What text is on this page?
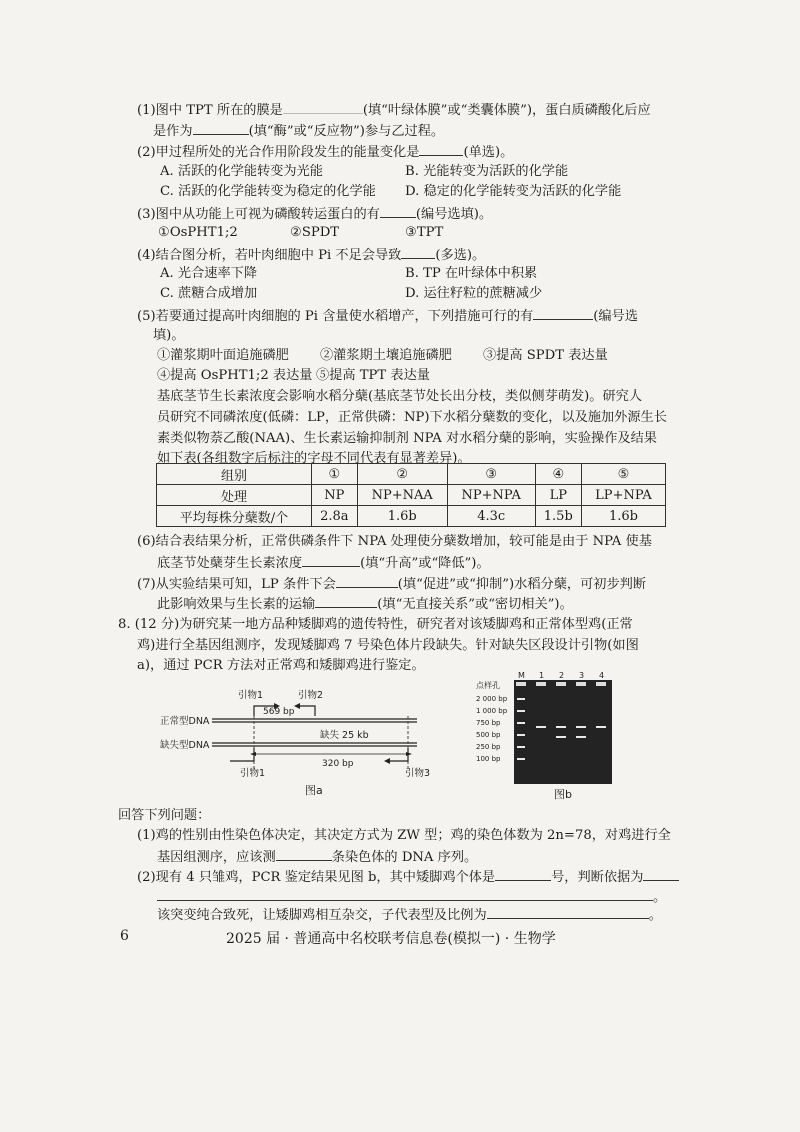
(1)图中 TPT 所在的膜是	(填“叶绿体膜”或“类囊体膜”)，蛋白质磷酸化后应
是作为	(填“酶”或“反应物”)参与乙过程。
(2)甲过程所处的光合作用阶段发生的能量变化是	(单选)。
A. 活跃的化学能转变为光能	B. 光能转变为活跃的化学能
C. 活跃的化学能转变为稳定的化学能 D. 稳定的化学能转变为活跃的化学能
(3)图中从功能上可视为磷酸转运蛋白的有	(编号选填)。
①OsPHT1;2	②SPDT	③TPT
(4)结合图分析，若叶肉细胞中 Pi 不足会导致	(多选)。
A. 光合速率下降	B. TP 在叶绿体中积累
C. 蔗糖合成增加	D. 运往籽粒的蔗糖减少
(5)若要通过提高叶肉细胞的 Pi 含量使水稻增产，下列措施可行的有	(编号选
填)。
①灌浆期叶面追施磷肥 ②灌浆期土壤追施磷肥 ③提高 SPDT 表达量
④提高 OsPHT1;2 表达量 ⑤提高 TPT 表达量
基底茎节生长素浓度会影响水稻分蘖(基底茎节处长出分枝，类似侧芽萌发)。研究人
员研究不同磷浓度(低磷：LP，正常供磷：NP)下水稻分蘖数的变化，以及施加外源生长
素类似物萘乙酸(NAA)、生长素运输抑制剂 NPA 对水稻分蘖的影响，实验操作及结果
如下表(各组数字后标注的字母不同代表有显著差异)。
组别	①	②	③	④	⑤
处理	NP	NP+NAA	NP+NPA	LP	LP+NPA
平均每株分蘖数/个	2.8a	1.6b	4.3c	1.5b	1.6b
(6)结合表结果分析，正常供磷条件下 NPA 处理使分蘖数增加，较可能是由于 NPA 使基
底茎节处蘖芽生长素浓度	(填“升高”或“降低”)。
(7)从实验结果可知，LP 条件下会	(填“促进”或“抑制”)水稻分蘖，可初步判断
此影响效果与生长素的运输	(填“无直接关系”或“密切相关”)。
8. (12 分)为研究某一地方品种矮脚鸡的遗传特性，研究者对该矮脚鸡和正常体型鸡(正常
鸡)进行全基因组测序，发现矮脚鸡 7 号染色体片段缺失。针对缺失区段设计引物(如图
a)，通过 PCR 方法对正常鸡和矮脚鸡进行鉴定。
正常型DNA
缺失型DNA
引物1	引物2
569 bp
缺失 25 kb
320 bp
引物1	引物3
图a
M 1 2 3 4
点样孔
2 000 bp
1 000 bp
750 bp
500 bp
250 bp
100 bp
图b
回答下列问题：
(1)鸡的性别由性染色体决定，其决定方式为 ZW 型；鸡的染色体数为 2n=78，对鸡进行全
基因组测序，应该测	条染色体的 DNA 序列。
(2)现有 4 只雏鸡，PCR 鉴定结果见图 b，其中矮脚鸡个体是	号，判断依据为
。
该突变纯合致死，让矮脚鸡相互杂交，子代表型及比例为	。
6	2025 届 · 普通高中名校联考信息卷(模拟一) · 生物学
